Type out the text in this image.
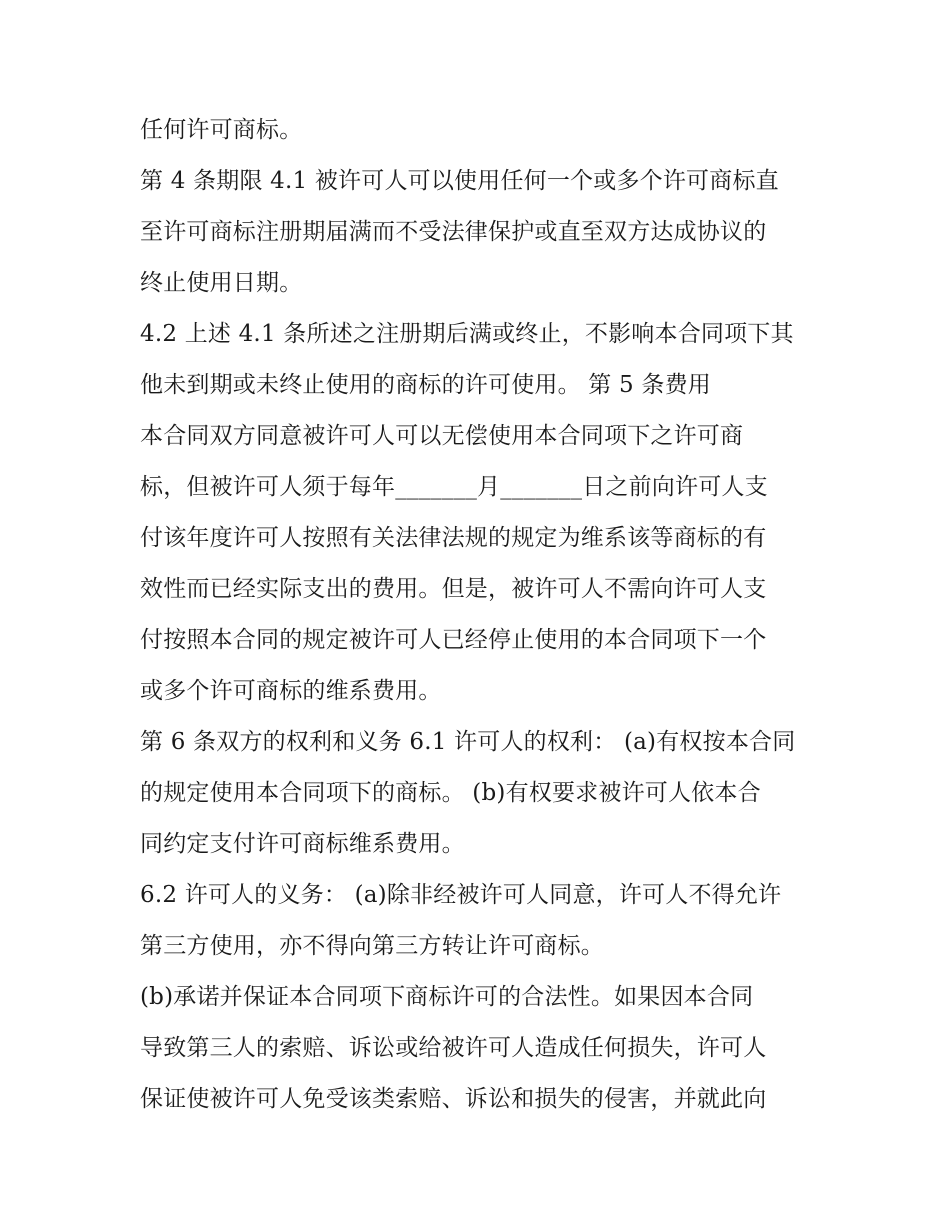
任何许可商标。
第 4 条期限 4.1 被许可人可以使用任何一个或多个许可商标直
至许可商标注册期届满而不受法律保护或直至双方达成协议的
终止使用日期。
4.2 上述 4.1 条所述之注册期后满或终止，不影响本合同项下其
他未到期或未终止使用的商标的许可使用。 第 5 条费用
本合同双方同意被许可人可以无偿使用本合同项下之许可商
标，但被许可人须于每年_______月_______日之前向许可人支
付该年度许可人按照有关法律法规的规定为维系该等商标的有
效性而已经实际支出的费用。但是，被许可人不需向许可人支
付按照本合同的规定被许可人已经停止使用的本合同项下一个
或多个许可商标的维系费用。
第 6 条双方的权利和义务 6.1 许可人的权利： (a)有权按本合同
的规定使用本合同项下的商标。 (b)有权要求被许可人依本合
同约定支付许可商标维系费用。
6.2 许可人的义务： (a)除非经被许可人同意，许可人不得允许
第三方使用，亦不得向第三方转让许可商标。
(b)承诺并保证本合同项下商标许可的合法性。如果因本合同
导致第三人的索赔、诉讼或给被许可人造成任何损失，许可人
保证使被许可人免受该类索赔、诉讼和损失的侵害，并就此向
